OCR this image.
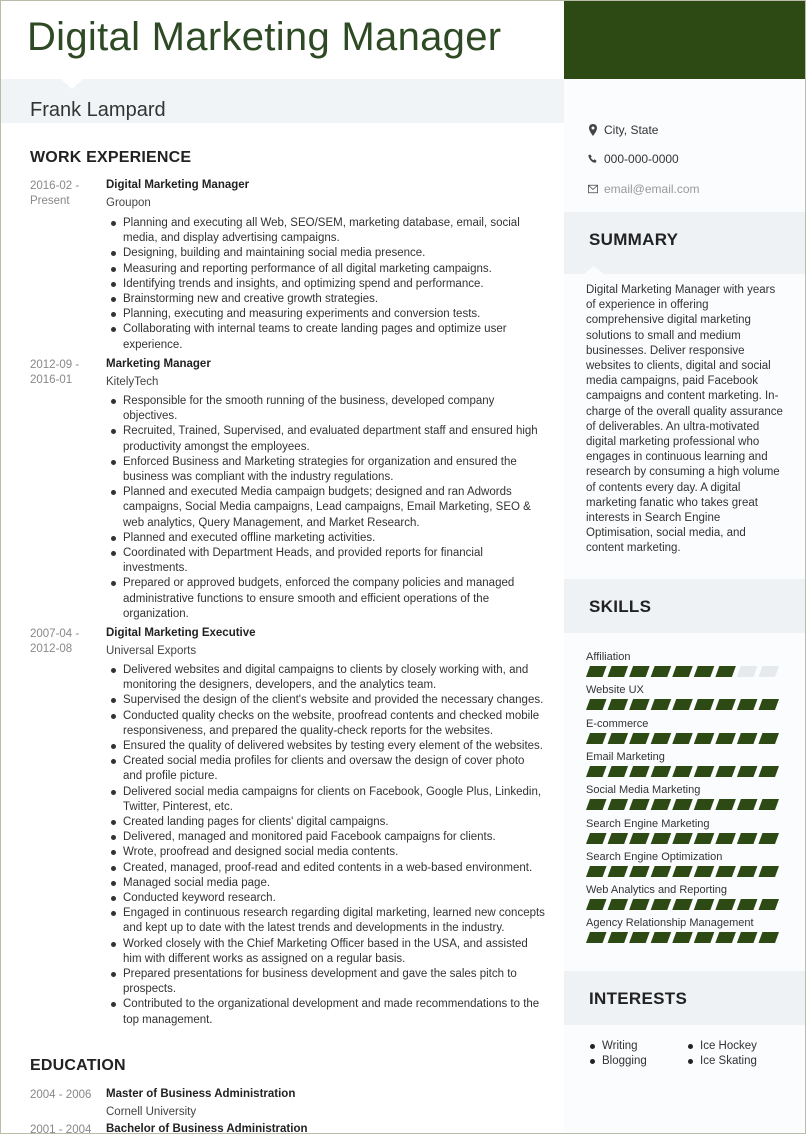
Digital Marketing Manager
Frank Lampard
City, State
000-000-0000
email@email.com
SUMMARY
Digital Marketing Manager with years of experience in offering comprehensive digital marketing solutions to small and medium businesses. Deliver responsive websites to clients, digital and social media campaigns, paid Facebook campaigns and content marketing. In-charge of the overall quality assurance of deliverables. An ultra-motivated digital marketing professional who engages in continuous learning and research by consuming a high volume of contents every day. A digital marketing fanatic who takes great interests in Search Engine Optimisation, social media, and content marketing.
SKILLS
Affiliation
Website UX
E-commerce
Email Marketing
Social Media Marketing
Search Engine Marketing
Search Engine Optimization
Web Analytics and Reporting
Agency Relationship Management
INTERESTS
Writing
Blogging
Ice Hockey
Ice Skating
WORK EXPERIENCE
2016-02 - Present
Digital Marketing Manager
Groupon
Planning and executing all Web, SEO/SEM, marketing database, email, social media, and display advertising campaigns.
Designing, building and maintaining social media presence.
Measuring and reporting performance of all digital marketing campaigns.
Identifying trends and insights, and optimizing spend and performance.
Brainstorming new and creative growth strategies.
Planning, executing and measuring experiments and conversion tests.
Collaborating with internal teams to create landing pages and optimize user experience.
2012-09 - 2016-01
Marketing Manager
KitelyTech
Responsible for the smooth running of the business, developed company objectives.
Recruited, Trained, Supervised, and evaluated department staff and ensured high productivity amongst the employees.
Enforced Business and Marketing strategies for organization and ensured the business was compliant with the industry regulations.
Planned and executed Media campaign budgets; designed and ran Adwords campaigns, Social Media campaigns, Lead campaigns, Email Marketing, SEO & web analytics, Query Management, and Market Research.
Planned and executed offline marketing activities.
Coordinated with Department Heads, and provided reports for financial investments.
Prepared or approved budgets, enforced the company policies and managed administrative functions to ensure smooth and efficient operations of the organization.
2007-04 - 2012-08
Digital Marketing Executive
Universal Exports
Delivered websites and digital campaigns to clients by closely working with, and monitoring the designers, developers, and the analytics team.
Supervised the design of the client's website and provided the necessary changes.
Conducted quality checks on the website, proofread contents and checked mobile responsiveness, and prepared the quality-check reports for the websites.
Ensured the quality of delivered websites by testing every element of the websites.
Created social media profiles for clients and oversaw the design of cover photo and profile picture.
Delivered social media campaigns for clients on Facebook, Google Plus, Linkedin, Twitter, Pinterest, etc.
Created landing pages for clients' digital campaigns.
Delivered, managed and monitored paid Facebook campaigns for clients.
Wrote, proofread and designed social media contents.
Created, managed, proof-read and edited contents in a web-based environment.
Managed social media page.
Conducted keyword research.
Engaged in continuous research regarding digital marketing, learned new concepts and kept up to date with the latest trends and developments in the industry.
Worked closely with the Chief Marketing Officer based in the USA, and assisted him with different works as assigned on a regular basis.
Prepared presentations for business development and gave the sales pitch to prospects.
Contributed to the organizational development and made recommendations to the top management.
EDUCATION
2004 - 2006	Master of Business Administration
Cornell University
2001 - 2004	Bachelor of Business Administration
